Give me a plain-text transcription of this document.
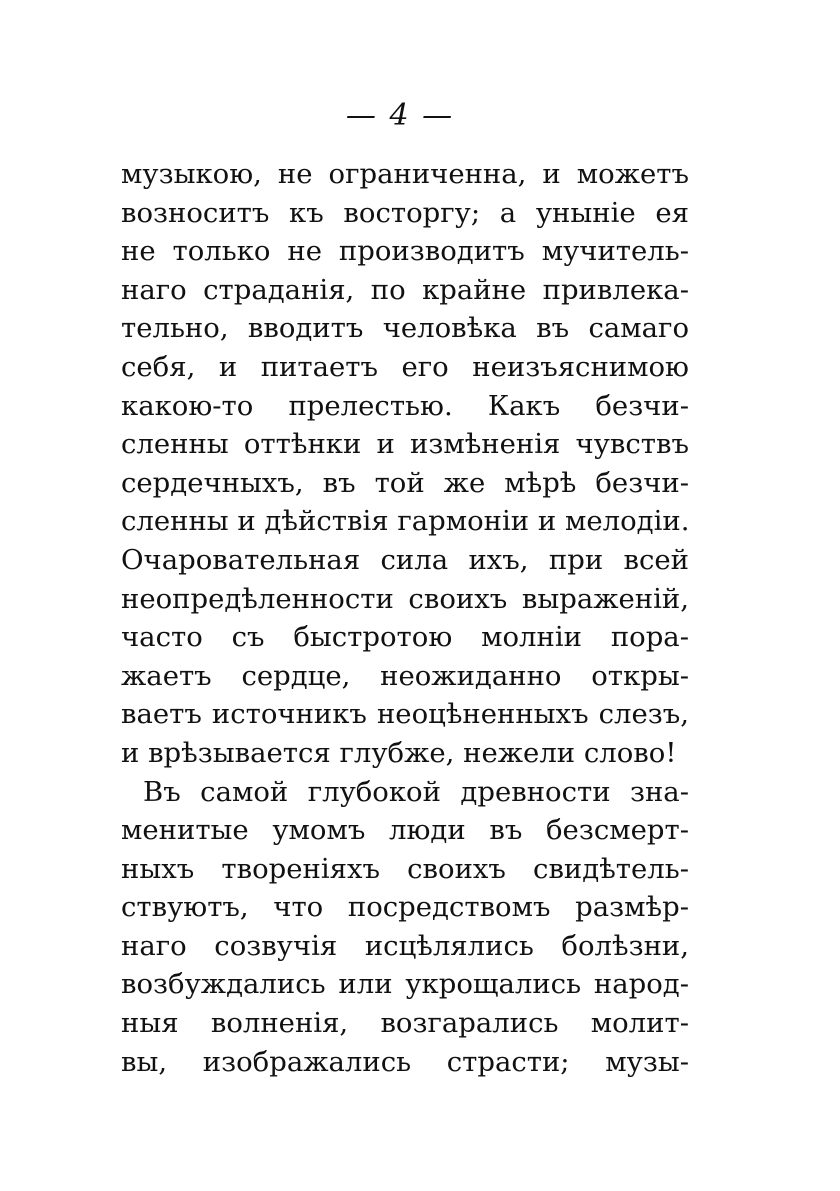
— 4 —
музыкою, не ограниченна, и можетъ
возноситъ къ восторгу; а уныніе ея
не только не производитъ мучитель-
наго страданія, по крайне привлека-
тельно, вводитъ человѣка въ самаго
себя, и питаетъ его неизъяснимою
какою-то прелестью. Какъ безчи-
сленны оттѣнки и измѣненія чувствъ
сердечныхъ, въ той же мѣрѣ безчи-
сленны и дѣйствія гармоніи и мелодіи.
Очаровательная сила ихъ, при всей
неопредѣленности своихъ выраженій,
часто съ быстротою молніи пора-
жаетъ сердце, неожиданно откры-
ваетъ источникъ неоцѣненныхъ слезъ,
и врѣзывается глубже, нежели слово!
Въ самой глубокой древности зна-
менитые умомъ люди въ безсмерт-
ныхъ твореніяхъ своихъ свидѣтель-
ствуютъ, что посредствомъ размѣр-
наго созвучія исцѣлялись болѣзни,
возбуждались или укрощались народ-
ныя волненія, возгарались молит-
вы, изображались страсти; музы-
